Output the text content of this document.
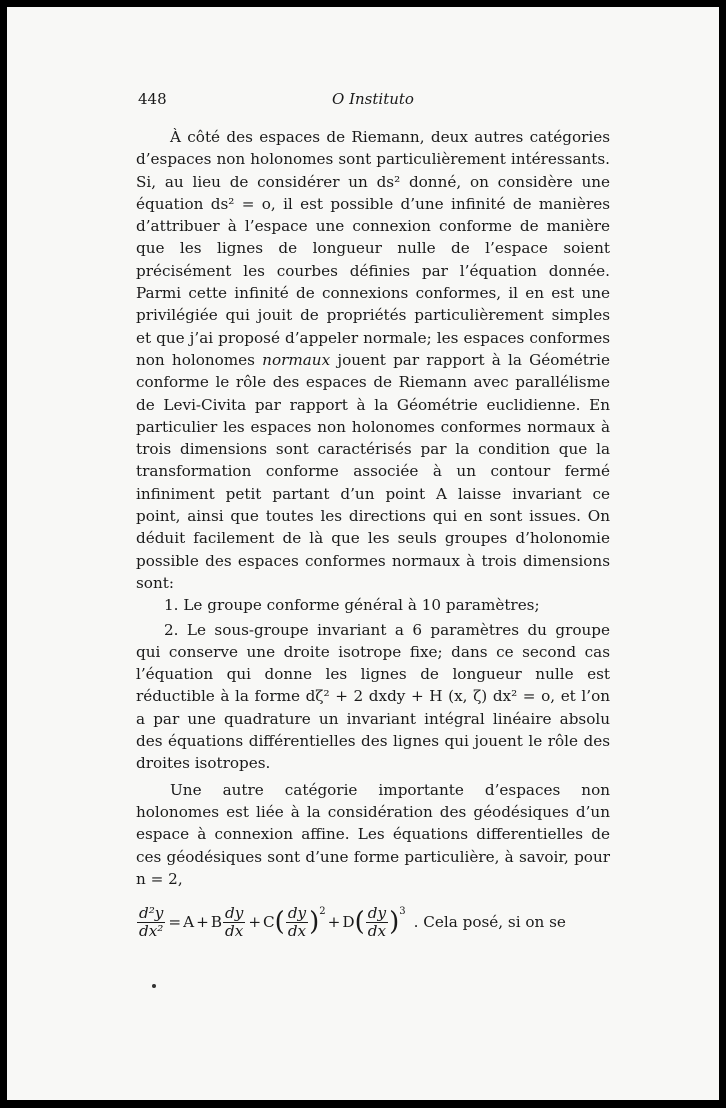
448	O Instituto

À côté des espaces de Riemann, deux autres catégories d’espaces non holonomes sont particulièrement intéressants. Si, au lieu de considérer un ds² donné, on considère une équation ds² = o, il est possible d’une infinité de manières d’attribuer à l’espace une connexion conforme de manière que les lignes de longueur nulle de l’espace soient précisément les courbes définies par l’équation donnée. Parmi cette infinité de connexions conformes, il en est une privilégiée qui jouit de propriétés particulièrement simples et que j’ai proposé d’appeler normale; les espaces conformes non holonomes normaux jouent par rapport à la Géométrie conforme le rôle des espaces de Riemann avec parallélisme de Levi-Civita par rapport à la Géométrie euclidienne. En particulier les espaces non holonomes conformes normaux à trois dimensions sont caractérisés par la condition que la transformation conforme associée à un contour fermé infiniment petit partant d’un point A laisse invariant ce point, ainsi que toutes les directions qui en sont issues. On déduit facilement de là que les seuls groupes d’holonomie possible des espaces conformes normaux à trois dimensions sont:

1. Le groupe conforme général à 10 paramètres;

2. Le sous-groupe invariant a 6 paramètres du groupe qui conserve une droite isotrope fixe; dans ce second cas l’équation qui donne les lignes de longueur nulle est réductible à la forme dζ² + 2 dxdy + H (x, ζ) dx² = o, et l’on a par une quadrature un invariant intégral linéaire absolu des équations différentielles des lignes qui jouent le rôle des droites isotropes.

Une autre catégorie importante d’espaces non holonomes est liée à la considération des géodésiques d’un espace à connexion affine. Les équations differentielles de ces géodésiques sont d’une forme particulière, à savoir, pour n = 2,

$\frac{\text{d²y}}{\text{dx²}} = A + B \frac{dy}{dx} + C$ ( $\frac{dy}{dx}$ ) 2
+ D ( $\frac{dy}{dx}$ ) 3
. Cela posé, si on se
